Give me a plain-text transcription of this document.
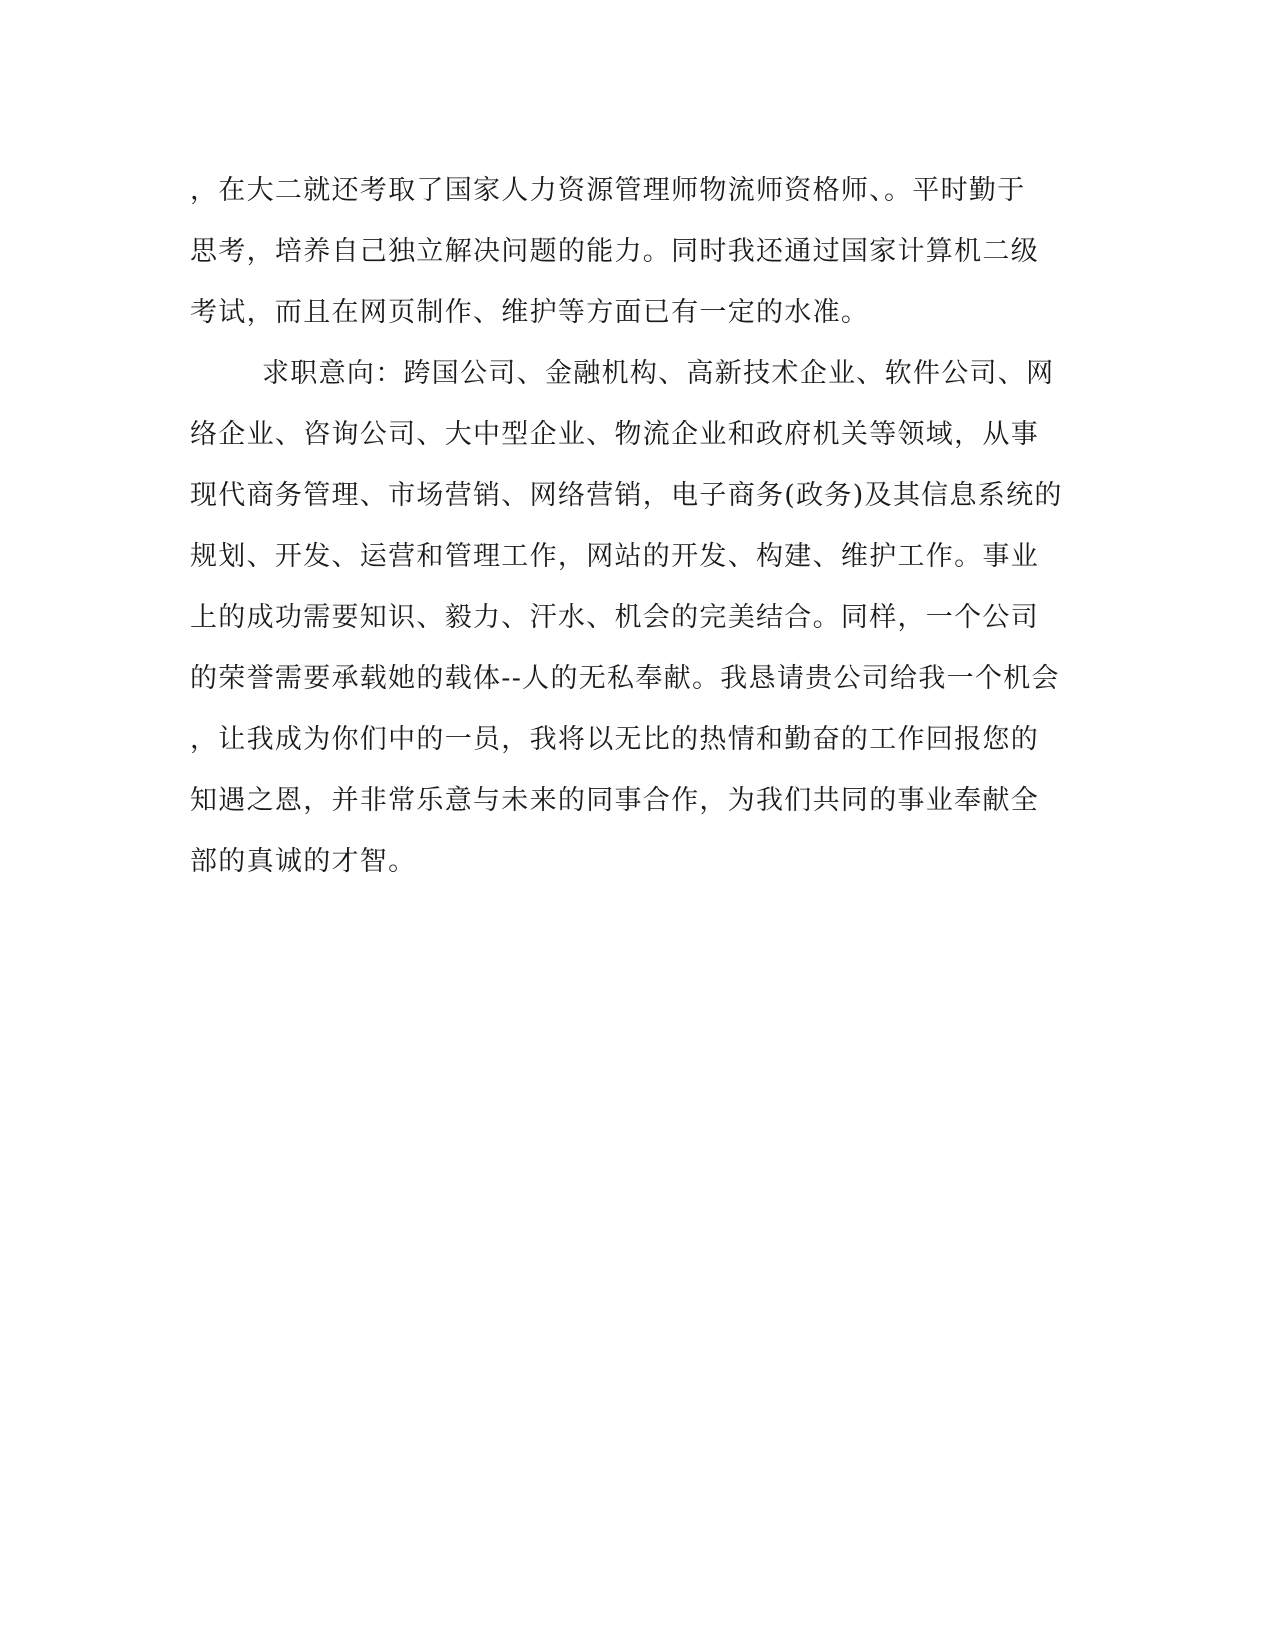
，在大二就还考取了国家人力资源管理师物流师资格师、。平时勤于
思考，培养自己独立解决问题的能力。同时我还通过国家计算机二级
考试，而且在网页制作、维护等方面已有一定的水准。
求职意向：跨国公司、金融机构、高新技术企业、软件公司、网
络企业、咨询公司、大中型企业、物流企业和政府机关等领域，从事
现代商务管理、市场营销、网络营销，电子商务(政务)及其信息系统的
规划、开发、运营和管理工作，网站的开发、构建、维护工作。事业
上的成功需要知识、毅力、汗水、机会的完美结合。同样，一个公司
的荣誉需要承载她的载体--人的无私奉献。我恳请贵公司给我一个机会
，让我成为你们中的一员，我将以无比的热情和勤奋的工作回报您的
知遇之恩，并非常乐意与未来的同事合作，为我们共同的事业奉献全
部的真诚的才智。
